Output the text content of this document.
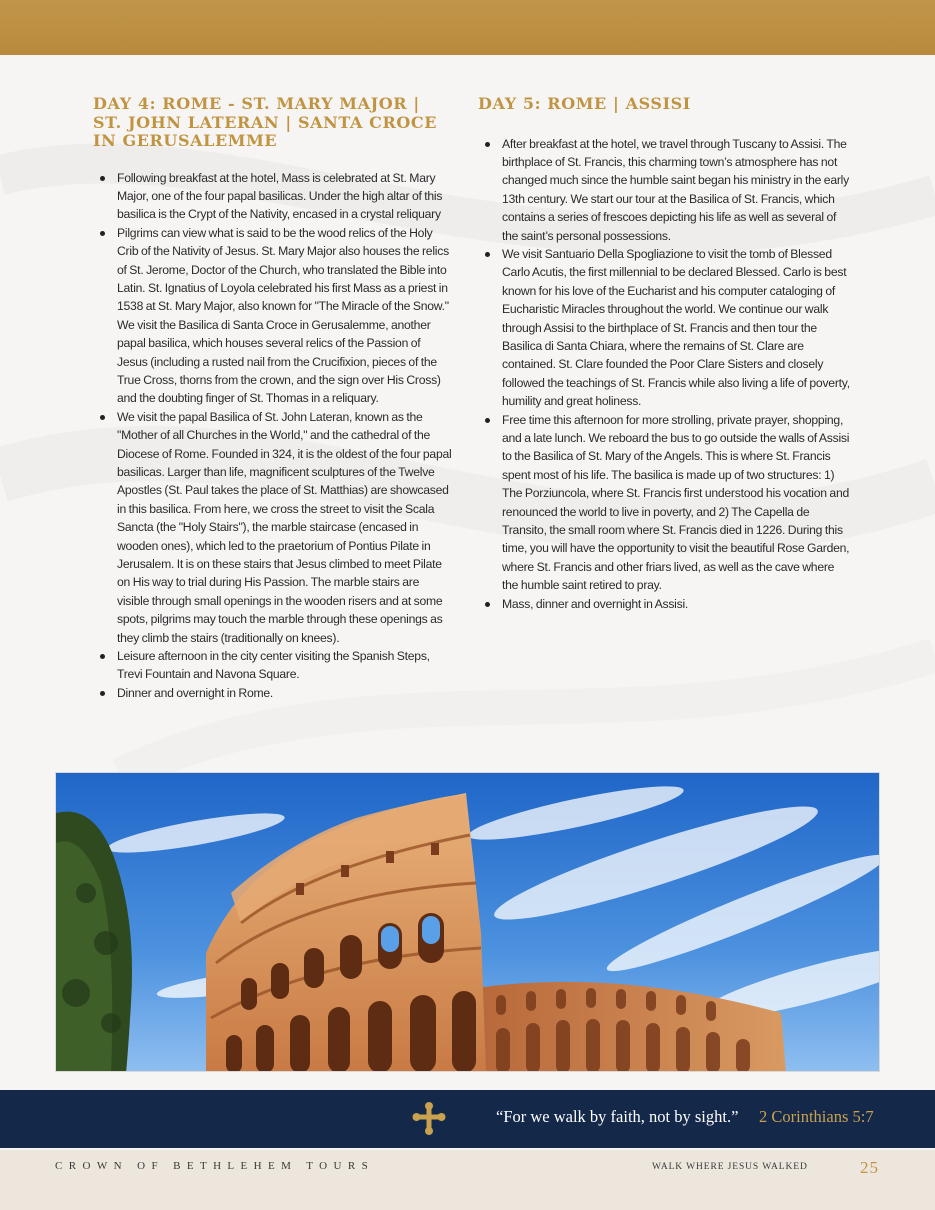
DAY 4: ROME - ST. MARY MAJOR | ST. JOHN LATERAN | SANTA CROCE IN GERUSALEMME
Following breakfast at the hotel, Mass is celebrated at St. Mary Major, one of the four papal basilicas. Under the high altar of this basilica is the Crypt of the Nativity, encased in a crystal reliquary
Pilgrims can view what is said to be the wood relics of the Holy Crib of the Nativity of Jesus. St. Mary Major also houses the relics of St. Jerome, Doctor of the Church, who translated the Bible into Latin. St. Ignatius of Loyola celebrated his first Mass as a priest in 1538 at St. Mary Major, also known for "The Miracle of the Snow." We visit the Basilica di Santa Croce in Gerusalemme, another papal basilica, which houses several relics of the Passion of Jesus (including a rusted nail from the Crucifixion, pieces of the True Cross, thorns from the crown, and the sign over His Cross) and the doubting finger of St. Thomas in a reliquary.
We visit the papal Basilica of St. John Lateran, known as the "Mother of all Churches in the World," and the cathedral of the Diocese of Rome. Founded in 324, it is the oldest of the four papal basilicas. Larger than life, magnificent sculptures of the Twelve Apostles (St. Paul takes the place of St. Matthias) are showcased in this basilica. From here, we cross the street to visit the Scala Sancta (the "Holy Stairs"), the marble staircase (encased in wooden ones), which led to the praetorium of Pontius Pilate in Jerusalem. It is on these stairs that Jesus climbed to meet Pilate on His way to trial during His Passion. The marble stairs are visible through small openings in the wooden risers and at some spots, pilgrims may touch the marble through these openings as they climb the stairs (traditionally on knees).
Leisure afternoon in the city center visiting the Spanish Steps, Trevi Fountain and Navona Square.
Dinner and overnight in Rome.
DAY 5: ROME | ASSISI
After breakfast at the hotel, we travel through Tuscany to Assisi. The birthplace of St. Francis, this charming town’s atmosphere has not changed much since the humble saint began his ministry in the early 13th century. We start our tour at the Basilica of St. Francis, which contains a series of frescoes depicting his life as well as several of the saint’s personal possessions.
We visit Santuario Della Spogliazione to visit the tomb of Blessed Carlo Acutis, the first millennial to be declared Blessed. Carlo is best known for his love of the Eucharist and his computer cataloging of Eucharistic Miracles throughout the world. We continue our walk through Assisi to the birthplace of St. Francis and then tour the Basilica di Santa Chiara, where the remains of St. Clare are contained. St. Clare founded the Poor Clare Sisters and closely followed the teachings of St. Francis while also living a life of poverty, humility and great holiness.
Free time this afternoon for more strolling, private prayer, shopping, and a late lunch. We reboard the bus to go outside the walls of Assisi to the Basilica of St. Mary of the Angels. This is where St. Francis spent most of his life. The basilica is made up of two structures: 1) The Porziuncola, where St. Francis first understood his vocation and renounced the world to live in poverty, and 2) The Capella de Transito, the small room where St. Francis died in 1226. During this time, you will have the opportunity to visit the beautiful Rose Garden, where St. Francis and other friars lived, as well as the cave where the humble saint retired to pray.
Mass, dinner and overnight in Assisi.
“For we walk by faith, not by sight.” 2 Corinthians 5:7
CROWN OF BETHLEHEM TOURS	WALK WHERE JESUS WALKED	25
